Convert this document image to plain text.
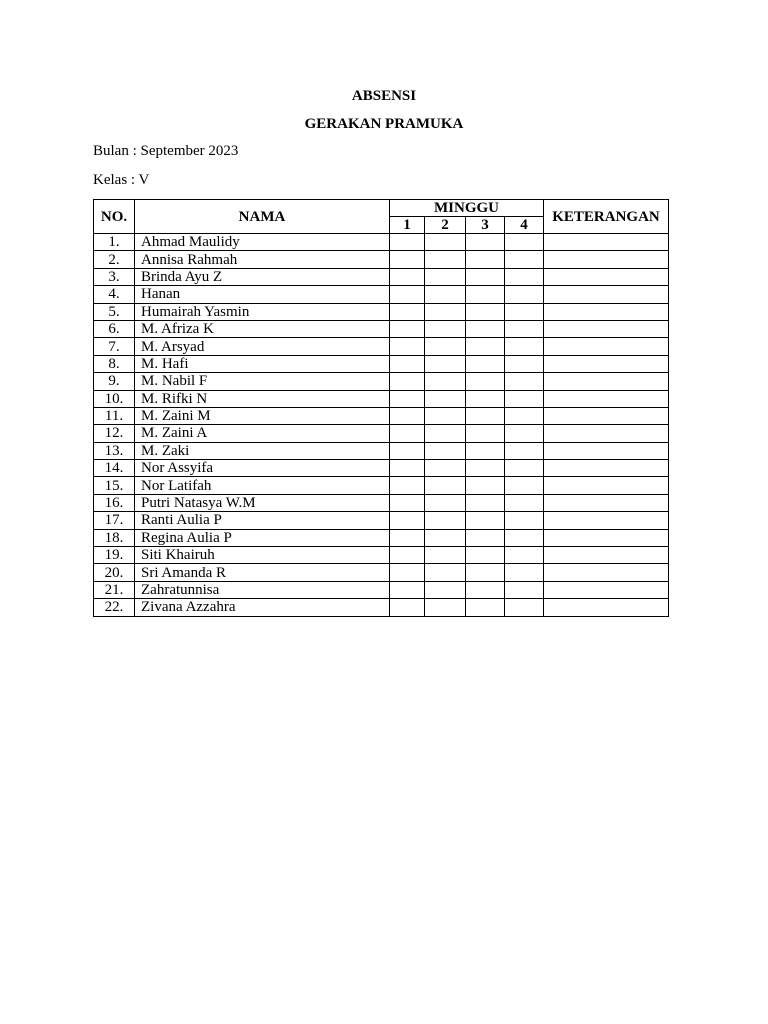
ABSENSI
GERAKAN PRAMUKA
Bulan : September 2023
Kelas : V
NO.	NAMA	MINGGU				KETERANGAN
		1	2	3	4	
1.	Ahmad Maulidy					
2.	Annisa Rahmah					
3.	Brinda Ayu Z					
4.	Hanan					
5.	Humairah Yasmin					
6.	M. Afriza K					
7.	M. Arsyad					
8.	M. Hafi					
9.	M. Nabil F					
10.	M. Rifki N					
11.	M. Zaini M					
12.	M. Zaini A					
13.	M. Zaki					
14.	Nor Assyifa					
15.	Nor Latifah					
16.	Putri Natasya W.M					
17.	Ranti Aulia P					
18.	Regina Aulia P					
19.	Siti Khairuh					
20.	Sri Amanda R					
21.	Zahratunnisa					
22.	Zivana Azzahra					
